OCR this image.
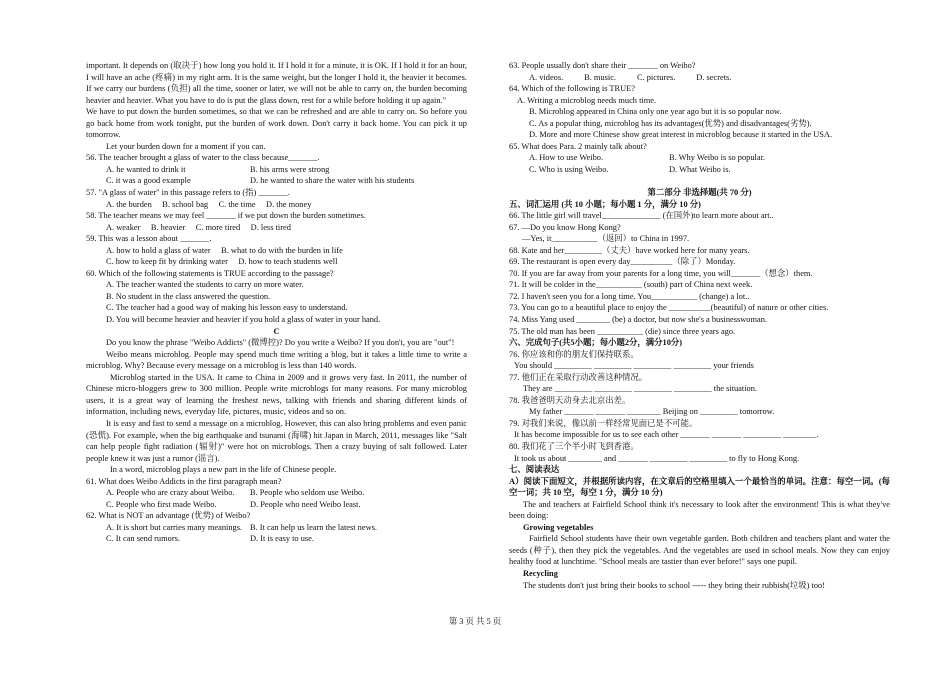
important. It depends on (取决于) how long you hold it. If I hold it for a minute, it is OK. If I hold it for an hour, I will have an ache (疼痛) in my right arm. It is the same weight, but the longer I hold it, the heavier it becomes. If we carry our burdens (负担) all the time, sooner or later, we will not be able to carry on, the burden becoming heavier and heavier. What you have to do is put the glass down, rest for a while before holding it up again."
We have to put down the burden sometimes, so that we can be refreshed and are able to carry on. So before you go back home from work tonight, put the burden of work down. Don't carry it back home. You can pick it up tomorrow.
Let your burden down for a moment if you can.
56. The teacher brought a glass of water to the class because_______.
A. he wanted to drink it	B. his arms were strong
C. it was a good example	D. he wanted to share the water with his students
57. "A glass of water" in this passage refers to (指) _______.
A. the burden     B. school bag     C. the time     D. the money
58. The teacher means we may feel _______ if we put down the burden sometimes.
A. weaker     B. heavier     C. more tired     D. less tired
59. This was a lesson about _______.
A. how to hold a glass of water     B. what to do with the burden in life
C. how to keep fit by drinking water     D. how to teach students well
60. Which of the following statements is TRUE according to the passage?
A. The teacher wanted the students to carry on more water.
B. No student in the class answered the question.
C. The teacher had a good way of making his lesson easy to understand.
D. You will become heavier and heavier if you hold a glass of water in your hand.
C
Do you know the phrase "Weibo Addicts" (微博控)? Do you write a Weibo? If you don't, you are "out"!
Weibo means microblog. People may spend much time writing a blog, but it takes a little time to write a microblog. Why? Because every message on a microblog is less than 140 words.
Microblog started in the USA. It came to China in 2009 and it grows very fast. In 2011, the number of Chinese micro-bloggers grew to 300 million. People write microblogs for many reasons. For many microblog users, it is a great way of learning the freshest news, talking with friends and sharing different kinds of information, including news, everyday life, pictures, music, videos and so on.
It is easy and fast to send a message on a microblog. However, this can also bring problems and even panic (恐慌). For example, when the big earthquake and tsunami (海啸) hit Japan in March, 2011, messages like "Salt can help people fight radiation (辐射)" were hot on microblogs. Then a crazy buying of salt followed. Later people knew it was just a rumor (谣言).
In a word, microblog plays a new part in the life of Chinese people.
61. What does Weibo Addicts in the first paragraph mean?
A. People who are crazy about Weibo. B. People who seldom use Weibo.
C. People who first made Weibo.	D. People who need Weibo least.
62. What is NOT an advantage (优势) of Weibo?
A. It is short but carries many meanings. B. It can help us learn the latest news.
C. It can send rumors.	D. It is easy to use.
63. People usually don't share their _______ on Weibo?
A. videos.          B. music.          C. pictures.          D. secrets.
64. Which of the following is TRUE?
A. Writing a microblog needs much time.
B. Microblog appeared in China only one year ago but it is so popular now.
C. As a popular thing, microblog has its advantages(优势) and disadvantages(劣势).
D. More and more Chinese show great interest in microblog because it started in the USA.
65. What does Para. 2 mainly talk about?
A. How to use Weibo.	B. Why Weibo is so popular.
C. Who is using Weibo.	D. What Weibo is.
第二部分 非选择题(共 70 分)
五、词汇运用 (共 10 小题；每小题 1 分，满分 10 分)
66. The little girl will travel______________ (在国外)to learn more about art..
67. —Do you know Hong Kong?
—Yes, it___________（返回）to China in 1997.
68. Kate and her_________（丈夫）have worked here for many years.
69. The restaurant is open every day__________（除了）Monday.
70. If you are far away from your parents for a long time, you will_______（想念）them.
71. It will be colder in the___________ (south) part of China next week.
72. I haven't seen you for a long time. You___________ (change) a lot..
73. You can go to a beautiful place to enjoy the __________(beautiful) of nature or other cities.
74. Miss Yang used ________ (be) a doctor, but now she's a businesswoman.
75. The old man has been ___________ (die) since three years ago.
六、完成句子(共5小题；每小题2分，满分10分)
76. 你应该和你的朋友们保持联系。
You should _________ _________ _________ _________ your friends
77. 他们正在采取行动改善这种情况。
They are _________ _________ _________ _________ the situation.
78. 我爸爸明天动身去北京出差。
My father _______ _______ ________ Beijing on _________ tomorrow.
79. 对我们来说，像以前一样经常见面已是不可能。
It has become impossible for us to see each other _______ _______ _________ ________.
80. 我们花了三个半小时飞到香港。
It took us about ________ and _______ _________ _________ to fly to Hong Kong.
七、阅读表达
A）阅读下面短文，并根据所读内容，在文章后的空格里填入一个最恰当的单词。注意：每空一词。(每空一词；共 10 空，每空 1 分，满分 10 分)
The and teachers at Fairfield School think it's necessary to look after the environment! This is what they've been doing:
Growing vegetables
Fairfield School students have their own vegetable garden. Both children and teachers plant and water the seeds (种子), then they pick the vegetables. And the vegetables are used in school meals. Now they can enjoy healthy food at lunchtime. "School meals are tastier than ever before!" says one pupil.
Recycling
The students don't just bring their books to school ----- they bring their rubbish(垃圾) too!
第 3 页 共 5 页
